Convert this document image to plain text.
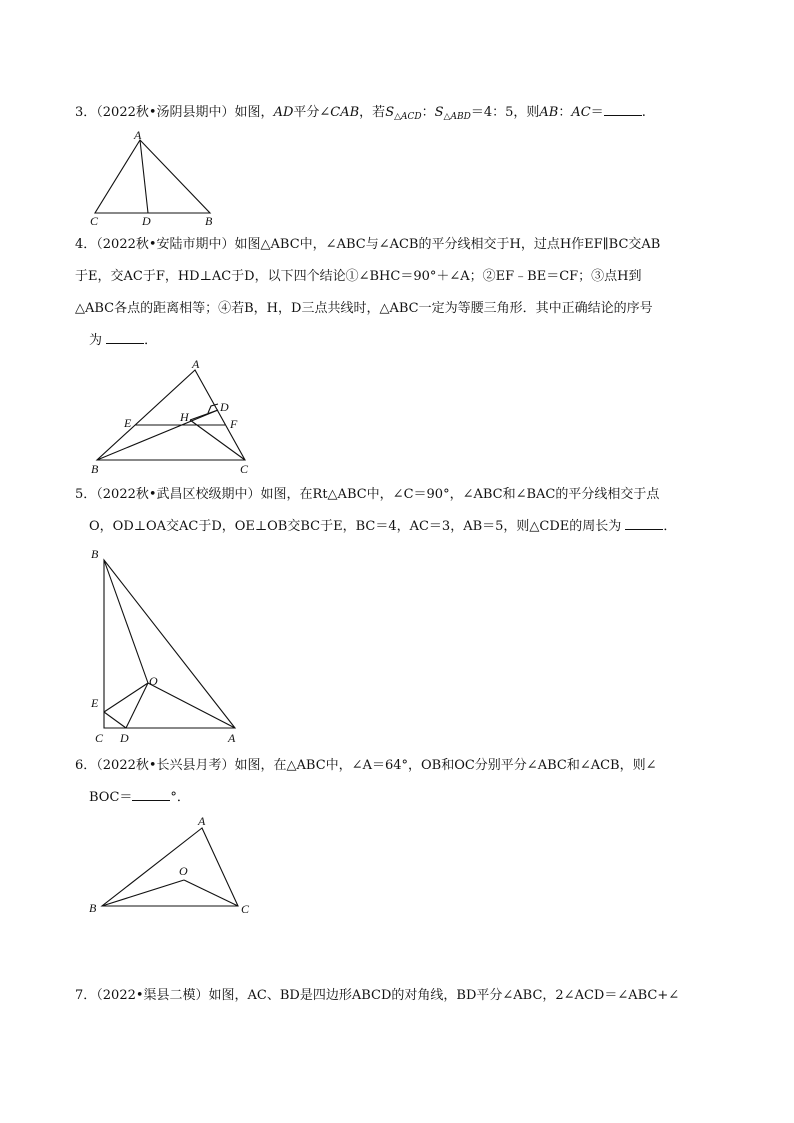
3．（2022秋•汤阴县期中）如图，AD平分∠CAB，若$S_{\triangle ACD}$：$S_{\triangle ABD}=4$：5，则AB：AC＝	.

A
C	D	B

4．（2022秋•安陆市期中）如图△ABC中，∠ABC与∠ACB的平分线相交于H，过点H作EF∥BC交AB

于E，交AC于F，HD⊥AC于D，以下四个结论①∠BHC＝90°＋∠A；②EF﹣BE＝CF；③点H到

△ABC各点的距离相等；④若B，H，D三点共线时，△ABC一定为等腰三角形．其中正确结论的序号

为	．

A
D
E	H	F
B	C

5．（2022秋•武昌区校级期中）如图，在Rt△ABC中，∠C＝90°，∠ABC和∠BAC的平分线相交于点

O，OD⊥OA交AC于D，OE⊥OB交BC于E，BC＝4，AC＝3，AB＝5，则△CDE的周长为	．

B
O
E
C D	A

6．（2022秋•长兴县月考）如图，在△ABC中，∠A＝64°，OB和OC分别平分∠ABC和∠ACB，则∠

BOC＝	°．

A
O
B	C

7．（2022•渠县二模）如图，AC、BD是四边形ABCD的对角线，BD平分∠ABC，2∠ACD＝∠ABC+∠
